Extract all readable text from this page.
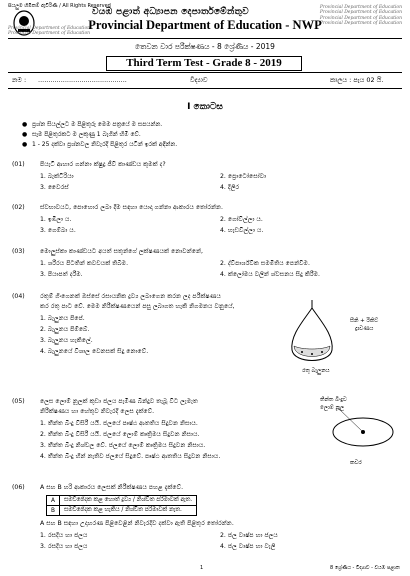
සියලුම හිමිකම් ඇවිරිණි / All Rights Reserved	Provincial Department of Education
Provincial Department of Education
Provincial Department of Education
Provincial Department of Education
Provincial Department of Education
Provincial Department of Education
වයඹ පළාත් අධ්‍යාපන දෙපාර්තමේන්තුව
Provincial Department of Education - NWP
තෙවන වාර පරීක්ෂණය - 8 ශ්‍රේණිය - 2019
Third Term Test - Grade 8 - 2019
නම : ...........................................	විද්‍යාව	කාලය : පැය 02 යි.
I කොටස
● ප්‍රශ්න සියල්ලට ම පිළිතුරු මෙම පත්‍රයේ ම සපයන්න.
● සෑම පිළිතුරකට ම ලකුණු 1 බැගින් හිමි වේ.
● 1 - 25 දක්වා ප්‍රශ්නවල නිවැරදි පිළිතුර යටින් ඉරක් අඳින්න.
(01) පියැටි ආහාර ගන්නා ක්ෂුද්‍ර ජීවී කාණ්ඩය කුමක් ද?
1. බැක්ටීරියා	2. ප්‍රොටෝසෝවා
3. වෛරස්	4. දිලීර
(02) ස්වභාවයට, පොහොර ලබා දීම සඳහා යොදා ගන්නා ආකාරය තෝරන්න.
1. ඉඹිලා ය.	2. ගෝවිල්ලා ය.
3. ගෙම්බා ය.	4. හැඩවිල්ලා ය.
(03) මොලුස්කා කාණ්ඩයට අයත් සතුන්ගේ ලක්ෂණයක් නොවන්නේ,
1. ශරීරය පිටතින් කවචයක් තිබීම.	2. ද්විපාර්ශ්වික සමමිතිය පෙන්වීම.
3. පියාපත් දරීම.	4. ක්ලෝමය වලින් ශ්වසනය සිදු කිරීම.
(04) රතුම් ගිංගෙනක් ඔස්සේ රසායනික ද්‍රව්‍ය ලබාගෙන කරන ලද පරීක්ෂණය
කර රතු පාට වේ. මෙම නිරීක්ෂණයෙන් පසු ලබාගත හැකි නිගමනය වනුයේ,
1. බැලුනය පිපේ.
2. බැලුනය පිම්බේ.
3. බැලුනය හැකිලේ.
4. බැලුනයේ විශාල වෙනසක් සිදු නොවේ.
සීනි + රිකිට්
ද්‍රාවණය
රතු බැලුනය
(05) ලෙස ලොම් නූලක් කුඩා ජලය පැමිණ බින්දුව තැබූ විට ලැමැත
නිරීක්ෂණය හා හේතුව නිවැරදි ලෙස දැක්වේ.
1. තීන්ත බිංදු විසිරී යයි. ජලයේ පෘෂ්ඨ ආතතිය සිදුවන නිසාය.
2. තීන්ත බිංදු විසිරී යයි. ජලයේ ලොම් කෘත්‍රිමය සිදුවන නිසාය.
3. තීන්ත බිංදු නිශ්චල වේ. ජලයේ ලොම් කෘත්‍රිමය සිදුවන නිසාය.
4. තීන්ත බිංදු හීන් නැතිව ජලයේ සිදුවේ. පෘෂ්ඨ ආතතිය සිදුවන නිසාය.
තීන්ත බිංදුව
ලොම් නූල
කවර
(06) A සහ B හරි ආකාරය ලෙසක් නිරීක්ෂණය පහළ දැක්වේ.
A	සමච්ඡේදක කළ හොත් ද්‍රව්‍ය / නිශ්චිත පරිමාවක් ඇත.
B	සමච්ඡේදක කළ හැකිය / නිශ්චිත පරිමාවක් නැත.
A සහ B සඳහා උදාහරණ පිළිවෙළින් නිවැරදිව දක්වා ඇති පිළිතුර තෝරන්න.
1. රසදිය හා ජලය	2. ජල වාෂ්ප හා ජලය
3. රසදිය හා ජලය	4. ජල වාෂ්ප හා වැලි
1	8 ශ්‍රේණිය - විද්‍යාව - වයඹ පළාත
